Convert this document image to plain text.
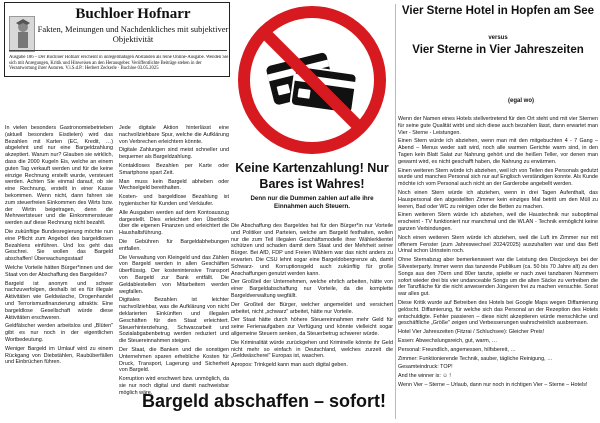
Buchloer Hofnarr
Fakten, Meinungen und Nachdenkliches mit subjektiver Objektivität
Ausgabe 186 – Der Buchloer Hofnarr erscheint in unregelmäßigen Abständen als reine Online-Ausgabe. Wenden Sie sich mit Anregungen, Kritik und Hinweisen an den Herausgeber. Veröffentlichte Beiträge stehen in der Verantwortung ihrer Autoren. V.i.S.d.P.: Herbert Zeckerle · Buchloe 03.05.2025

In vielen besonders Gastronomiebetrieben (aktuell besonders Eisdielen) wird das Bezahlen mit Karten (EC, Kredit, …) abgelehnt und nur eine Bargeldzahlung akzeptiert. Warum nur? Glauben sie wirklich, dass die 2000 Kugeln Eis, welche an einem guten Tag verkauft werden und für die keine einzige Rechnung erstellt wurde, versteuert werden. Achten Sie einmal darauf, ob sie eine Rechnung, erstellt in einer Kasse bekommen. Wenn nicht, dann fahren sie zum steuerfreien Einkommen des Wirts bzw. der Wirtin beigetragen, denn die Mehrwertsteuer und die Einkommensteuer werden auf diese Rechnung nicht bezahlt.

Die zukünftige Bundesregierung möchte nun eine Pflicht zum Angebot des bargeldlosen Bezahlens einführen. Und los geht das Geschrei. Sie wollen das Bargeld abschaffen! Überwachungsstaat!

Welche Vorteile hätten Bürger*innen und der Staat von der Abschaffung des Bargeldes?

Bargeld ist anonym und schwer nachzuverfolgen, deshalb ist es für illegale Aktivitäten wie Geldwäsche, Drogenhandel und Terrorismusfinanzierung attraktiv. Eine bargeldlose Gesellschaft würde diese Aktivitäten erschweren.

Geldfälscher werden arbeitslos und „Blüten" gibt es nur noch in der eigentlichen Wortbedeutung.

Weniger Bargeld im Umlauf wird zu einem Rückgang von Diebstählen, Raubüberfällen und Einbrüchen führen.

Jede digitale Aktion hinterlässt eine nachvollziehbare Spur, welche die Aufklärung von Verbrechen erleichtern könnte.

Digitale Zahlungen sind meist schneller und bequemer als Bargeldzahlung.

Kontaktloses Bezahlen per Karte oder Smartphone spart Zeit.

Man muss kein Bargeld abheben oder Wechselgeld bereithalten.

Kosten- und bargeldlose Bezahlung ist hygienischer für Kunden und Verkäufer.

Alle Ausgaben werden auf dem Kontoauszug dargestellt. Dies erleichtert den Überblick über die eigenen Finanzen und erleichtert die Haushaltsführung.

Die Gebühren für Bargeldabhebungen entfallen.

Die Verwaltung von Kleingeld und das Zählen von Bargeld werden in allen Geschäften überflüssig. Der kostenintensive Transport von Bargeld zur Bank entfällt. Die Geldablestellen von Mitarbeitern werden wegfallen.

Digitales Bezahlen ist leichter nachvollziehbar, was die Aufklärung von nicht deklarierten Einkünften und illegalen Geschäften für den Staat erleichtert. Steuerhinterziehung, Schwarzarbeit und Sozialabgabenbetrug werden reduziert und die Steuereinnahmen steigen.

Der Staat, die Banken und die sonstigen Unternehmen sparen erhebliche Kosten für Druck, Transport, Lagerung und Sicherheit von Bargeld.

Korruption wird erschwert bzw. unmöglich, da sie nur noch digital und damit nachweisbar möglich wäre.

Keine Kartenzahlung! Nur Bares ist Wahres!
Denn nur die Dummen zahlen auf alle ihre Einnahmen auch Steuern.

Die Abschaffung des Bargeldes hat für den Bürger*in nur Vorteile und Politiker und Parteien, welche am Bargeld festhalten, wollen nur die zum Teil illegalen Geschäftsmodelle ihrer Wählerklientel schützen und schaden damit dem Staat und der Mehrheit seiner Bürger. Bei AfD, FDP und Freien Wählern war das nicht anders zu erwarten. Die CSU lehnt sogar eine Bargeldobergrenze ab, damit Schwarz- und Korruptionsgeld auch zukünftig für große Anschaffungen genutzt werden kann.

Der Großteil der Unternehmen, welche ehrlich arbeiten, hätte von einer Bargeldabschaffung nur Vorteile, da die komplette Bargeldverwaltung wegfällt.

Der Großteil der Bürger, welcher angemeldet und versichert arbeitet, nicht „schwarz" arbeitet, hätte nur Vorteile.

Der Staat hätte durch höhere Steuereinnahmen mehr Geld für seine Ferienaufgaben zur Verfügung und könnte vielleicht sogar allgemeine Steuern senken, da Steuerbetrug schwerer würde.

Die Kriminalität würde zurückgehen und Kriminelle könnte ihr Geld nicht mehr so einfach in Deutschland, welches zurzeit die „Geldwäscherei" Europas ist, waschen.

Apropos: Trinkgeld kann man auch digital geben.

Bargeld abschaffen – sofort!
Vier Sterne Hotel in Hopfen am See
versus
Vier Sterne in Vier Jahreszeiten
(egal wo)

Wenn der Namen eines Hotels stellvertretend für den Ort steht und mit vier Sternen für seine gute Qualität wirbt und sich diese auch bezahlen lässt, dann erwartet man Vier - Sterne - Leistungen.

Einen Stern würde ich abziehen, wenn man mit den mitgebuchten 4 - 7 Gang – Abend – Menus weder satt wird, noch alle warmen Gerichte warm sind, in den Tagen kein Blatt Salat zur Nahrung gehört und die heißen Teller, vor denen man gewarnt wird, es nicht geschafft haben, die Nahrung zu erwärmen.

Einen weiteren Stern würde ich abziehen, weil ich von Teilen des Personals gedutzt wurde und manches Personal sich nur auf Englisch verständigen konnte. Als Kunde möchte ich vom Personal auch nicht an der Garderobe angebellt werden.

Noch einen Stern würde ich abziehen, wenn in drei Tagen Aufenthalt, das Hauspersonal den abgestellten Zimmer kein einziges Mal betritt um den Müll zu leeren, Bad oder WC zu reinigen oder die Betten zu machen.

Einen weiteren Stern würde ich abziehen, weil die Haustechnik nur suboptimal erscheint - TV funktioniert nur manchmal und die WLAN - Technik ermöglicht keine ganzen Verbindungen.

Noch einen weiteren Stern würde ich abziehen, weil die Luft im Zimmer nur mit offenem Fenster (zum Jahreswechsel 2024/2025) auszuhalten war und das Bett Urinal schon Urinstein roch.

Ohne Sternabzug aber bemerkenswert war die Leistung des Discjockeys bei der Silvesterparty. Immer wenn das tanzende Publikum (ca. 50 bis 70 Jahre alt) zu den Songs aus den 70ern und 80er tanzte, spielte er nach zwei tanzbaren Nummern sofort wieder drei bis vier undanceable Songs um die alten Säcke zu vertreiben die der Tanzfläche für die nicht anwesenden Jüngeren frei zu machen versuchte. Sonst war alles gut.

Diese Kritik wurde auf Betreiben des Hotels bei Google Maps wegen Diffamierung gelöscht. Diffamierung, für welche sich das Personal an der Rezeption des Hotels entschuldigte. Fehler passieren – diese nicht akzeptieren würde menschliche und geschäftliche „Größe" zeigen und Verbesserungen wahrscheinlich ausbremsen.

Hotel Vier Jahreszeiten (Fitzrai / Schluchsee): Gleicher Preis!

Essen: Abwechslungsreich, gut, warm, …

Personal: Freundlich, angemessen, hilfsbereit, …

Zimmer: Funktionierende Technik, sauber, tägliche Reinigung, …

Gesamteindruck: TOP!

And the winner is: ☺ !

Wenn Vier – Sterne – Urlaub, dann nur noch in richtigen Vier – Sterne – Hotels!
